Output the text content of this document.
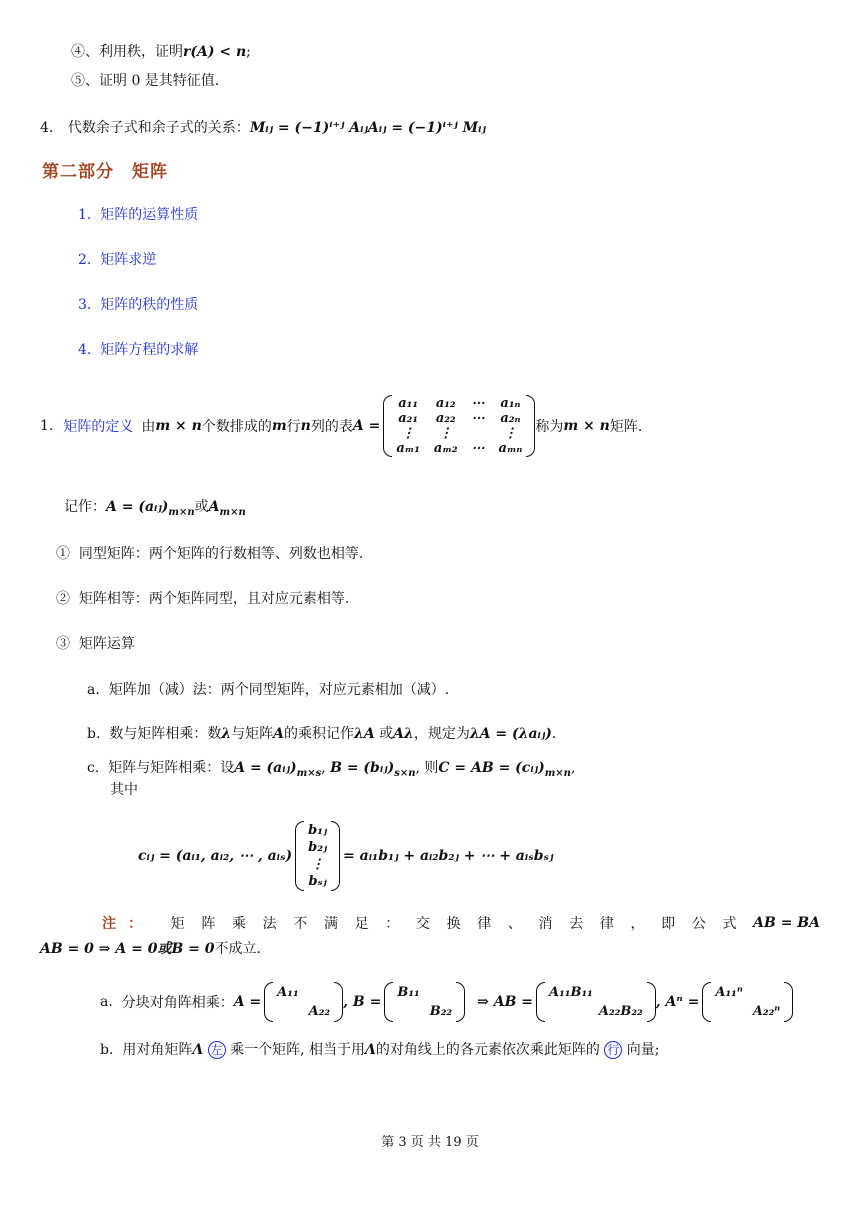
④、利用秩，证明r(A) < n;
⑤、证明 0 是其特征值.
4. 代数余子式和余子式的关系：Mᵢⱼ = (−1)ⁱ⁺ʲ AᵢⱼAᵢⱼ = (−1)ⁱ⁺ʲ Mᵢⱼ
第二部分　矩阵
1. 矩阵的运算性质
2. 矩阵求逆
3. 矩阵的秩的性质
4. 矩阵方程的求解
1. 矩阵的定义 由 m × n 个数排成的 m 行 n 列的表 A =
a₁₁ a₁₂ ⋯ a₁ₙ
a₂₁ a₂₂ ⋯ a₂ₙ
⋮	⋮	⋮
aₘ₁ aₘ₂ ⋯ aₘₙ
称为 m × n 矩阵.
记作：$A = (aᵢⱼ)_{m\times n}$或$A_{m\times n}$
① 同型矩阵：两个矩阵的行数相等、列数也相等.
② 矩阵相等：两个矩阵同型，且对应元素相等.
③ 矩阵运算
a. 矩阵加（减）法：两个同型矩阵，对应元素相加（减）.
b. 数与矩阵相乘：数λ与矩阵A的乘积记作λA 或Aλ，规定为λA = (λaᵢⱼ).
c. 矩阵与矩阵相乘：设$A = (aᵢⱼ)_{m\times s}$, $B = (bᵢⱼ)_{s\times n}$, 则C = AB = $(cᵢⱼ)_{m\times n}$,
其中
cᵢⱼ = (aᵢ₁, aᵢ₂, ⋯ , aᵢₛ)
b₁ⱼ
b₂ⱼ
⋮
bₛⱼ
= aᵢ₁b₁ⱼ + aᵢ₂b₂ⱼ + ⋯ + aᵢₛbₛⱼ
注： 矩 阵 乘 法 不 满 足 ： 交 换 律 、 消 去 律 ， 即 公 式 AB = BA
AB = 0 ⇒ A = 0或B = 0不成立.
a.
分块对角阵相乘： A =
A₁₁
A₂₂
, B =
B₁₁
B₂₂
⇒ AB =
A₁₁B₁₁
A₂₂B₂₂
, Aⁿ =
A₁₁ⁿ
A₂₂ⁿ
b. 用对角矩阵Λ 左 乘一个矩阵, 相当于用Λ的对角线上的各元素依次乘此矩阵的 行 向量;
第 3 页 共 19 页
